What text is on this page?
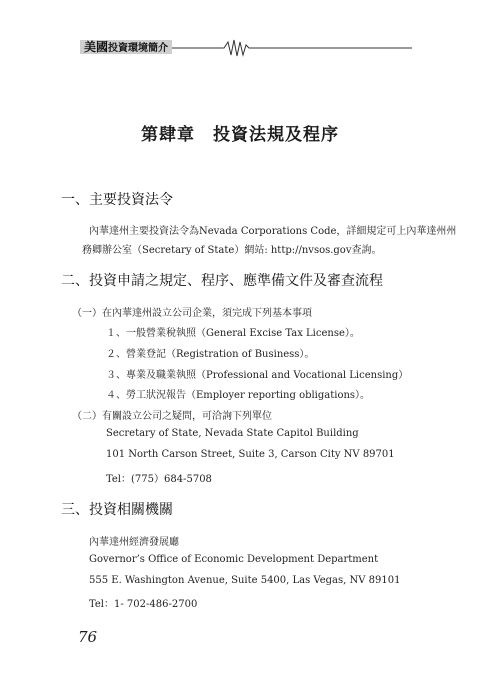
美國投資環境簡介
第肆章　投資法規及程序
一、主要投資法令
內華達州主要投資法令為Nevada Corporations Code，詳細規定可上內華達州州
務卿辦公室（Secretary of State）網站: http://nvsos.gov查詢。
二、投資申請之規定、程序、應準備文件及審查流程
（一）在內華達州設立公司企業，須完成下列基本事項
１、一般營業稅執照（General Excise Tax License）。
２、營業登記（Registration of Business）。
３、專業及職業執照（Professional and Vocational Licensing）
４、勞工狀況報告（Employer reporting obligations）。
（二）有關設立公司之疑問，可洽詢下列單位
Secretary of State, Nevada State Capitol Building
101 North Carson Street, Suite 3, Carson City NV 89701
Tel：(775）684-5708
三、投資相關機關
內華達州經濟發展廳
Governor’s Office of Economic Development Department
555 E. Washington Avenue, Suite 5400, Las Vegas, NV 89101
Tel：1- 702-486-2700
76
